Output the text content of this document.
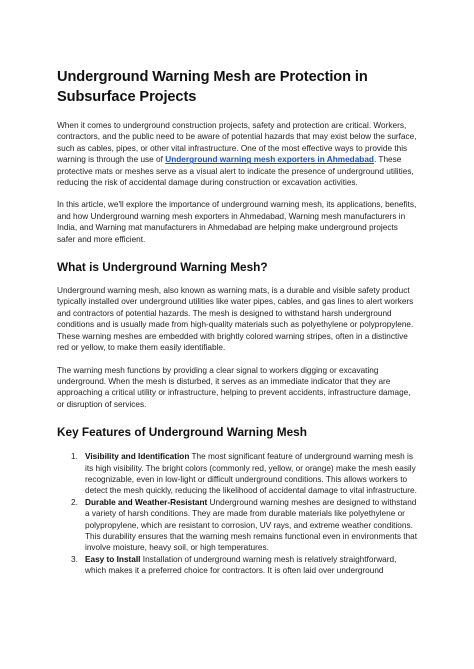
Underground Warning Mesh are Protection in Subsurface Projects

When it comes to underground construction projects, safety and protection are critical. Workers, contractors, and the public need to be aware of potential hazards that may exist below the surface, such as cables, pipes, or other vital infrastructure. One of the most effective ways to provide this warning is through the use of Underground warning mesh exporters in Ahmedabad. These protective mats or meshes serve as a visual alert to indicate the presence of underground utilities, reducing the risk of accidental damage during construction or excavation activities.

In this article, we'll explore the importance of underground warning mesh, its applications, benefits, and how Underground warning mesh exporters in Ahmedabad, Warning mesh manufacturers in India, and Warning mat manufacturers in Ahmedabad are helping make underground projects safer and more efficient.

What is Underground Warning Mesh?

Underground warning mesh, also known as warning mats, is a durable and visible safety product typically installed over underground utilities like water pipes, cables, and gas lines to alert workers and contractors of potential hazards. The mesh is designed to withstand harsh underground conditions and is usually made from high-quality materials such as polyethylene or polypropylene. These warning meshes are embedded with brightly colored warning stripes, often in a distinctive red or yellow, to make them easily identifiable.

The warning mesh functions by providing a clear signal to workers digging or excavating underground. When the mesh is disturbed, it serves as an immediate indicator that they are approaching a critical utility or infrastructure, helping to prevent accidents, infrastructure damage, or disruption of services.

Key Features of Underground Warning Mesh
1. Visibility and Identification The most significant feature of underground warning mesh is its high visibility. The bright colors (commonly red, yellow, or orange) make the mesh easily recognizable, even in low-light or difficult underground conditions. This allows workers to detect the mesh quickly, reducing the likelihood of accidental damage to vital infrastructure.
2. Durable and Weather-Resistant Underground warning meshes are designed to withstand a variety of harsh conditions. They are made from durable materials like polyethylene or polypropylene, which are resistant to corrosion, UV rays, and extreme weather conditions. This durability ensures that the warning mesh remains functional even in environments that involve moisture, heavy soil, or high temperatures.
3. Easy to Install Installation of underground warning mesh is relatively straightforward, which makes it a preferred choice for contractors. It is often laid over underground
